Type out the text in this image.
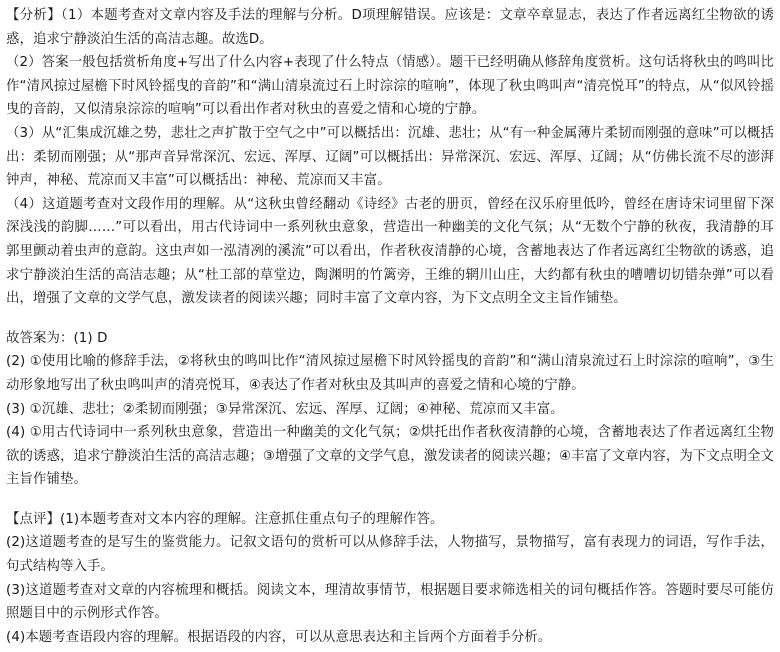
【分析】（1）本题考查对文章内容及手法的理解与分析。D项理解错误。应该是：文章卒章显志，表达了作者远离红尘物欲的诱惑，追求宁静淡泊生活的高洁志趣。故选D。

（2）答案一般包括赏析角度+写出了什么内容+表现了什么特点（情感）。题干已经明确从修辞角度赏析。这句话将秋虫的鸣叫比作“清风掠过屋檐下时风铃摇曳的音韵”和“满山清泉流过石上时淙淙的喧响”，体现了秋虫鸣叫声“清亮悦耳”的特点，从“似风铃摇曳的音韵，又似清泉淙淙的喧响”可以看出作者对秋虫的喜爱之情和心境的宁静。

（3）从“汇集成沉雄之势，悲壮之声扩散于空气之中”可以概括出：沉雄、悲壮；从“有一种金属薄片柔韧而刚强的意味”可以概括出：柔韧而刚强；从“那声音异常深沉、宏远、浑厚、辽阔”可以概括出：异常深沉、宏远、浑厚、辽阔；从“仿佛长流不尽的澎湃钟声，神秘、荒凉而又丰富”可以概括出：神秘、荒凉而又丰富。

（4）这道题考查对文段作用的理解。从“这秋虫曾经翻动《诗经》古老的册页，曾经在汉乐府里低吟，曾经在唐诗宋词里留下深深浅浅的韵脚……”可以看出，用古代诗词中一系列秋虫意象，营造出一种幽美的文化气氛；从“无数个宁静的秋夜，我清静的耳郭里颤动着虫声的意韵。这虫声如一泓清冽的溪流”可以看出，作者秋夜清静的心境，含蓄地表达了作者远离红尘物欲的诱惑，追求宁静淡泊生活的高洁志趣；从“杜工部的草堂边，陶渊明的竹篱旁，王维的辋川山庄，大约都有秋虫的嘈嘈切切错杂弹”可以看出，增强了文章的文学气息，激发读者的阅读兴趣；同时丰富了文章内容，为下文点明全文主旨作铺垫。

故答案为：(1) D

(2) ①使用比喻的修辞手法，②将秋虫的鸣叫比作“清风掠过屋檐下时风铃摇曳的音韵”和“满山清泉流过石上时淙淙的喧响”，③生动形象地写出了秋虫鸣叫声的清亮悦耳，④表达了作者对秋虫及其叫声的喜爱之情和心境的宁静。

(3) ①沉雄、悲壮；②柔韧而刚强；③异常深沉、宏远、浑厚、辽阔；④神秘、荒凉而又丰富。

(4) ①用古代诗词中一系列秋虫意象，营造出一种幽美的文化气氛；②烘托出作者秋夜清静的心境，含蓄地表达了作者远离红尘物欲的诱惑，追求宁静淡泊生活的高洁志趣；③增强了文章的文学气息，激发读者的阅读兴趣；④丰富了文章内容，为下文点明全文主旨作铺垫。

【点评】(1)本题考查对文本内容的理解。注意抓住重点句子的理解作答。

(2)这道题考查的是写生的鉴赏能力。记叙文语句的赏析可以从修辞手法，人物描写，景物描写，富有表现力的词语，写作手法，句式结构等入手。

(3)这道题考查对文章的内容梳理和概括。阅读文本，理清故事情节，根据题目要求筛选相关的词句概括作答。答题时要尽可能仿照题目中的示例形式作答。

(4)本题考查语段内容的理解。根据语段的内容，可以从意思表达和主旨两个方面着手分析。
